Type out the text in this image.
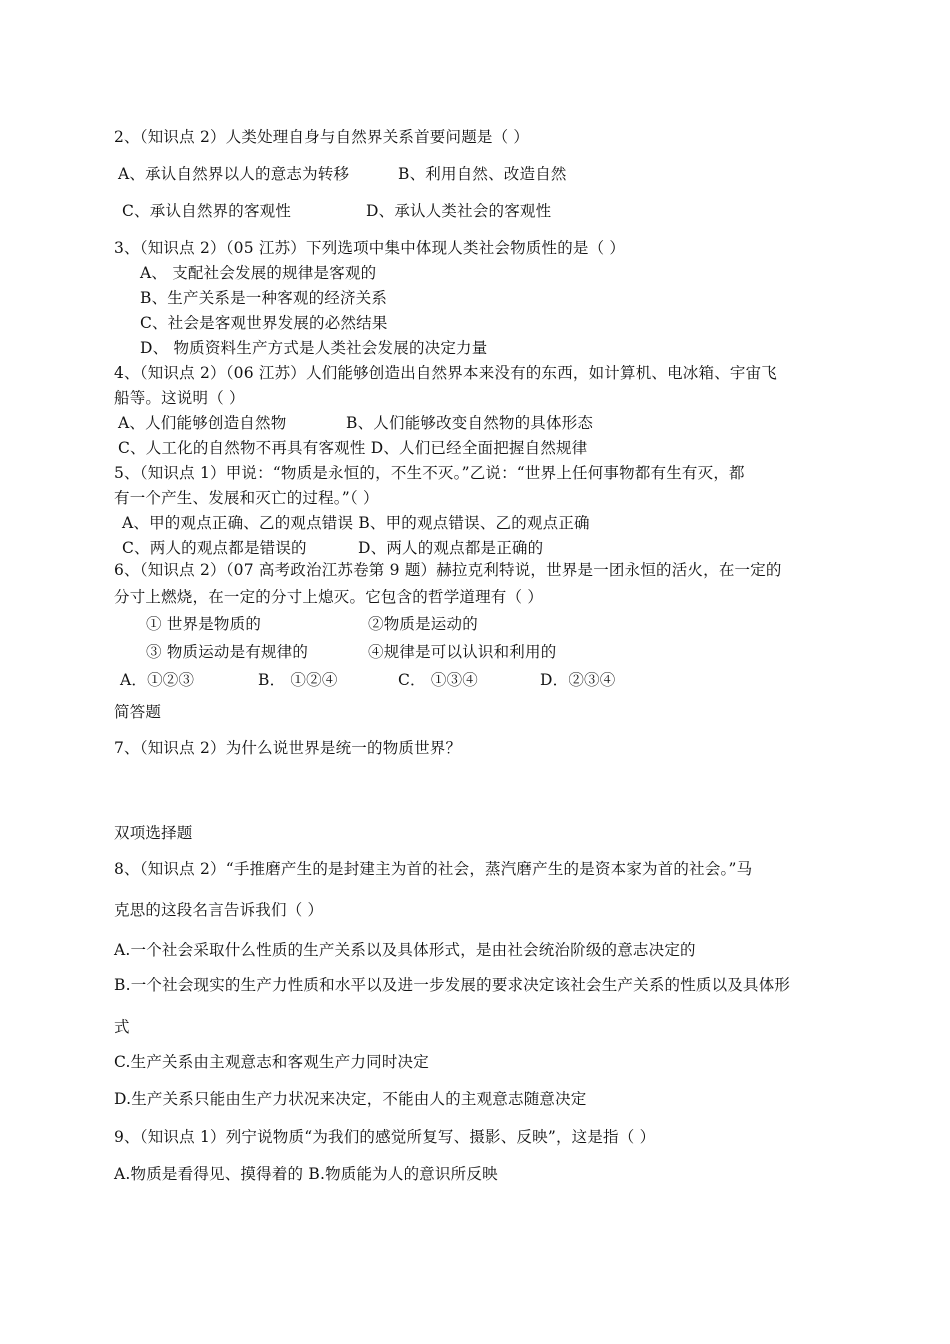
2、（知识点 2）人类处理自身与自然界关系首要问题是（ ）
A、承认自然界以人的意志为转移	B、利用自然、改造自然
C、承认自然界的客观性	D、承认人类社会的客观性
3、（知识点 2）（05 江苏）下列选项中集中体现人类社会物质性的是（ ）
A、 支配社会发展的规律是客观的
B、生产关系是一种客观的经济关系
C、社会是客观世界发展的必然结果
D、 物质资料生产方式是人类社会发展的决定力量
4、（知识点 2）（06 江苏）人们能够创造出自然界本来没有的东西，如计算机、电冰箱、宇宙飞
船等。这说明（ ）
A、人们能够创造自然物	B、人们能够改变自然物的具体形态
C、人工化的自然物不再具有客观性 D、人们已经全面把握自然规律
5、（知识点 1）甲说：“物质是永恒的，不生不灭。”乙说：“世界上任何事物都有生有灭，都
有一个产生、发展和灭亡的过程。”（ ）
A、甲的观点正确、乙的观点错误 B、甲的观点错误、乙的观点正确
C、两人的观点都是错误的	D、两人的观点都是正确的
6、（知识点 2）（07 高考政治江苏卷第 9 题）赫拉克利特说，世界是一团永恒的活火，在一定的
分寸上燃烧，在一定的分寸上熄灭。它包含的哲学道理有（ ）
① 世界是物质的	②物质是运动的
③ 物质运动是有规律的	④规律是可以认识和利用的
A．①②③	B． ①②④	C． ①③④	D．②③④
简答题
7、（知识点 2）为什么说世界是统一的物质世界？
双项选择题
8、（知识点 2）“手推磨产生的是封建主为首的社会，蒸汽磨产生的是资本家为首的社会。”马
克思的这段名言告诉我们（ ）
A.一个社会采取什么性质的生产关系以及具体形式，是由社会统治阶级的意志决定的
B.一个社会现实的生产力性质和水平以及进一步发展的要求决定该社会生产关系的性质以及具体形
式
C.生产关系由主观意志和客观生产力同时决定
D.生产关系只能由生产力状况来决定，不能由人的主观意志随意决定
9、（知识点 1）列宁说物质“为我们的感觉所复写、摄影、反映”，这是指（ ）
A.物质是看得见、摸得着的 B.物质能为人的意识所反映
